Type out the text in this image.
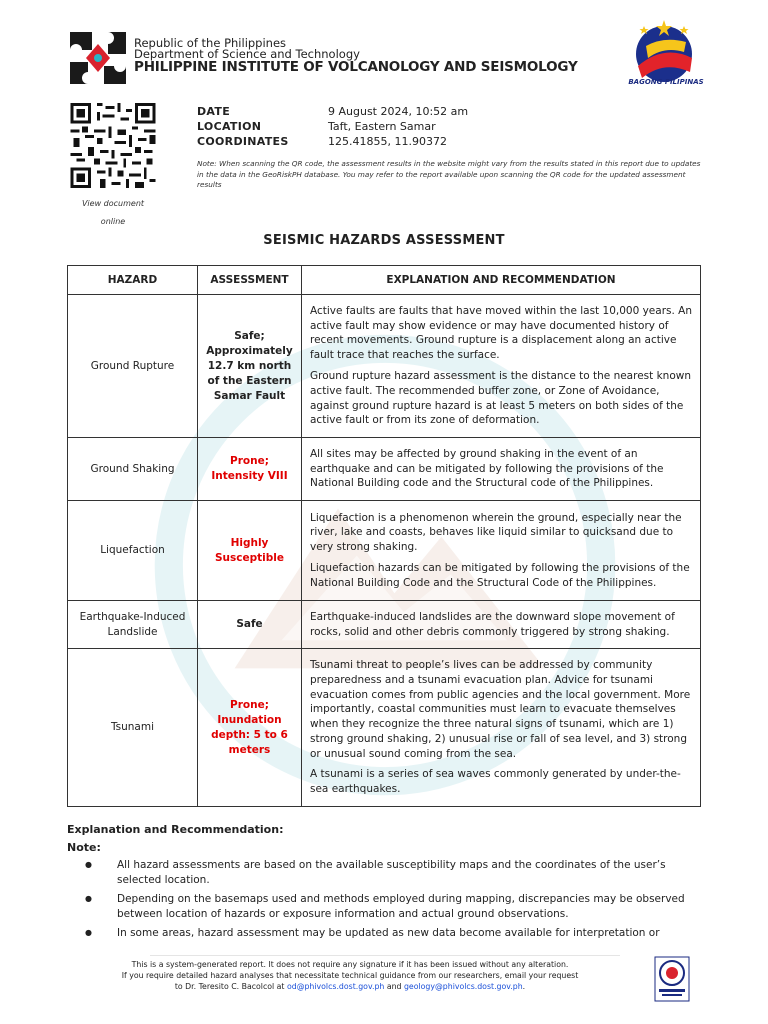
Republic of the Philippines
Department of Science and Technology
PHILIPPINE INSTITUTE OF VOLCANOLOGY AND SEISMOLOGY
BAGONG PILIPINAS
View document
online
DATE	9 August 2024, 10:52 am
LOCATION	Taft, Eastern Samar
COORDINATES	125.41855, 11.90372
Note: When scanning the QR code, the assessment results in the website might vary from the results stated in this report due to updates in the data in the GeoRiskPH database. You may refer to the report available upon scanning the QR code for the updated assessment results
SEISMIC HAZARDS ASSESSMENT
HAZARD	ASSESSMENT	EXPLANATION AND RECOMMENDATION
Ground Rupture	Safe; Approximately 12.7 km north of the Eastern Samar Fault	Active faults are faults that have moved within the last 10,000 years. An active fault may show evidence or may have documented history of recent movements. Ground rupture is a displacement along an active fault trace that reaches the surface.

Ground rupture hazard assessment is the distance to the nearest known active fault. The recommended buffer zone, or Zone of Avoidance, against ground rupture hazard is at least 5 meters on both sides of the active fault or from its zone of deformation.

Ground Shaking	Prone; Intensity VIII	All sites may be affected by ground shaking in the event of an earthquake and can be mitigated by following the provisions of the National Building code and the Structural code of the Philippines.

Liquefaction	Highly Susceptible	Liquefaction is a phenomenon wherein the ground, especially near the river, lake and coasts, behaves like liquid similar to quicksand due to very strong shaking.

Liquefaction hazards can be mitigated by following the provisions of the National Building Code and the Structural Code of the Philippines.

Earthquake-Induced Landslide	Safe	Earthquake-induced landslides are the downward slope movement of rocks, solid and other debris commonly triggered by strong shaking.

Tsunami	Prone; Inundation depth: 5 to 6 meters	Tsunami threat to people’s lives can be addressed by community preparedness and a tsunami evacuation plan. Advice for tsunami evacuation comes from public agencies and the local government. More importantly, coastal communities must learn to evacuate themselves when they recognize the three natural signs of tsunami, which are 1) strong ground shaking, 2) unusual rise or fall of sea level, and 3) strong or unusual sound coming from the sea.

A tsunami is a series of sea waves commonly generated by under-the-sea earthquakes.

Explanation and Recommendation:
Note:
● All hazard assessments are based on the available susceptibility maps and the coordinates of the user’s selected location.
● Depending on the basemaps used and methods employed during mapping, discrepancies may be observed between location of hazards or exposure information and actual ground observations.
● In some areas, hazard assessment may be updated as new data become available for interpretation or
This is a system-generated report. It does not require any signature if it has been issued without any alteration.
If you require detailed hazard analyses that necessitate technical guidance from our researchers, email your request
to Dr. Teresito C. Bacolcol at od@phivolcs.dost.gov.ph and geology@phivolcs.dost.gov.ph.
